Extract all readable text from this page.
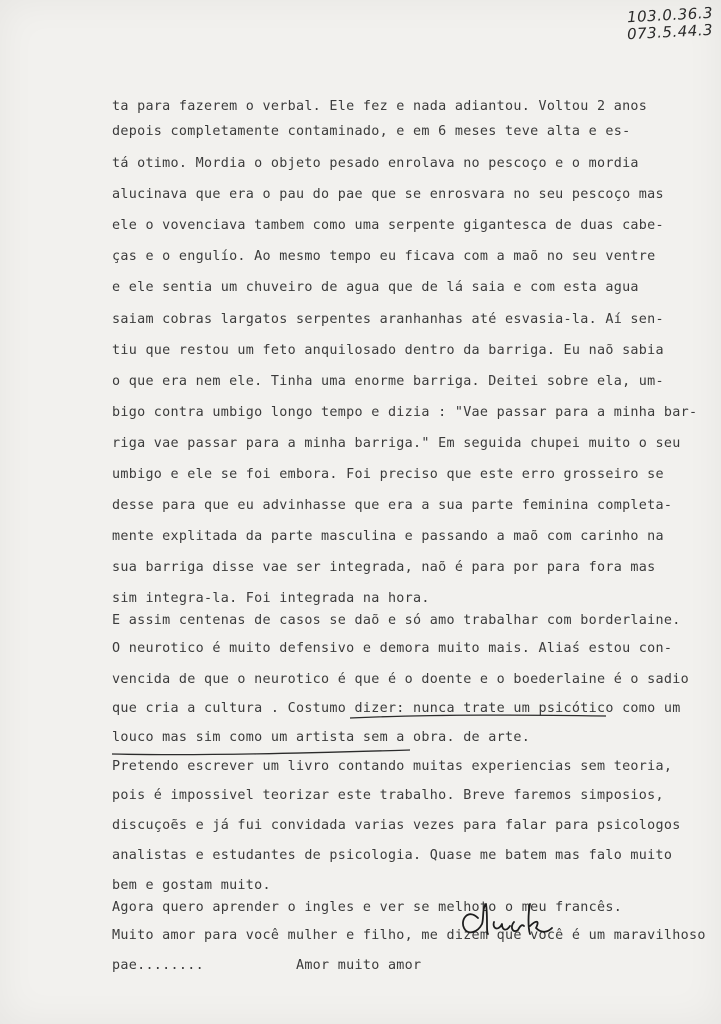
103.0.36.3
073.5.44.3
ta para fazerem o verbal. Ele fez e nada adiantou. Voltou 2 anos
depois completamente contaminado, e em 6 meses teve alta e es-
tá otimo. Mordia o objeto pesado enrolava no pescoço e o mordia
alucinava que era o pau do pae que se enrosvara no seu pescoço mas
ele o vovenciava tambem como uma serpente gigantesca de duas cabe-
ças e o engulío. Ao mesmo tempo eu ficava com a maõ no seu ventre
e ele sentia um chuveiro de agua que de lá saia e com esta agua
saiam cobras largatos serpentes aranhanhas até esvasia-la. Aí sen-
tiu que restou um feto anquilosado dentro da barriga. Eu naõ sabia
o que era nem ele. Tinha uma enorme barriga. Deitei sobre ela, um-
bigo contra umbigo longo tempo e dizia : "Vae passar para a minha bar-
riga vae passar para a minha barriga." Em seguida chupei muito o seu
umbigo e ele se foi embora. Foi preciso que este erro grosseiro se
desse para que eu advinhasse que era a sua parte feminina completa-
mente explitada da parte masculina e passando a maõ com carinho na
sua barriga disse vae ser integrada, naõ é para por para fora mas
sim integra-la. Foi integrada na hora.
E assim centenas de casos se daõ e só amo trabalhar com borderlaine.
O neurotico é muito defensivo e demora muito mais. Aliaś estou con-
vencida de que o neurotico é que é o doente e o boederlaine é o sadio
que cria a cultura . Costumo dizer: nunca trate um psicótico como um
louco mas sim como um artista sem a obra. de arte.
Pretendo escrever um livro contando muitas experiencias sem teoria,
pois é impossivel teorizar este trabalho. Breve faremos simposios,
discuçoẽs e já fui convidada varias vezes para falar para psicologos
analistas e estudantes de psicologia. Quase me batem mas falo muito
bem e gostam muito.
Agora quero aprender o ingles e ver se melhoto o meu francês.
Muito amor para você mulher e filho, me dizem que você é um maravilhoso
pae........           Amor muito amor
